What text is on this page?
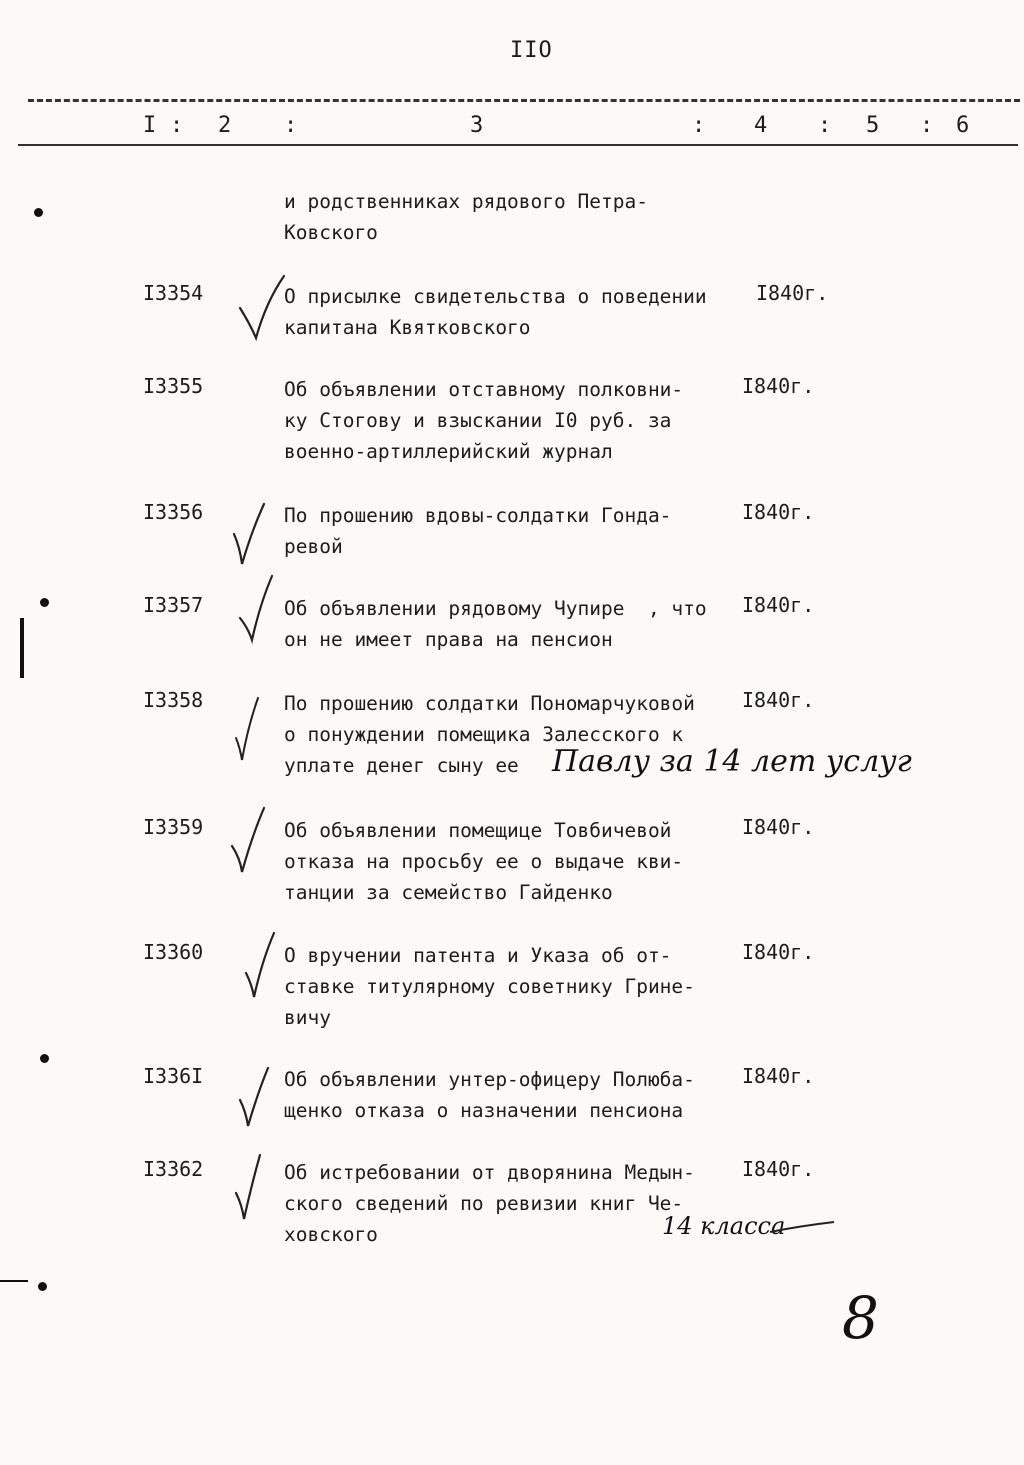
IIO
I : 2 :	3	: 4 : 5 : 6
и родственниках рядового Петра-
Ковского
I3354	О присылке свидетельства о поведении
капитана Квятковского
I840г.
I3355	Об объявлении отставному полковни-
ку Стогову и взыскании I0 руб. за
военно-артиллерийский журнал
I840г.
I3356	По прошению вдовы-солдатки Гонда-
ревой
I840г.
I3357	Об объявлении рядовому Чупире  , что
он не имеет права на пенсион
I840г.
I3358	По прошению солдатки Пономарчуковой
о понуждении помещика Залесского к
уплате денег сыну ее
I840г.
Павлу за 14 лет услуг
I3359	Об объявлении помещице Товбичевой
отказа на просьбу ее о выдаче кви-
танции за семейство Гайденко
I840г.
I3360	О вручении патента и Указа об от-
ставке титулярному советнику Грине-
вичу
I840г.
I336I	Об объявлении унтер-офицеру Полюба-
щенко отказа о назначении пенсиона
I840г.
I3362	Об истребовании от дворянина Медын-
ского сведений по ревизии книг Че-
ховского
I840г.
14 класса
8
